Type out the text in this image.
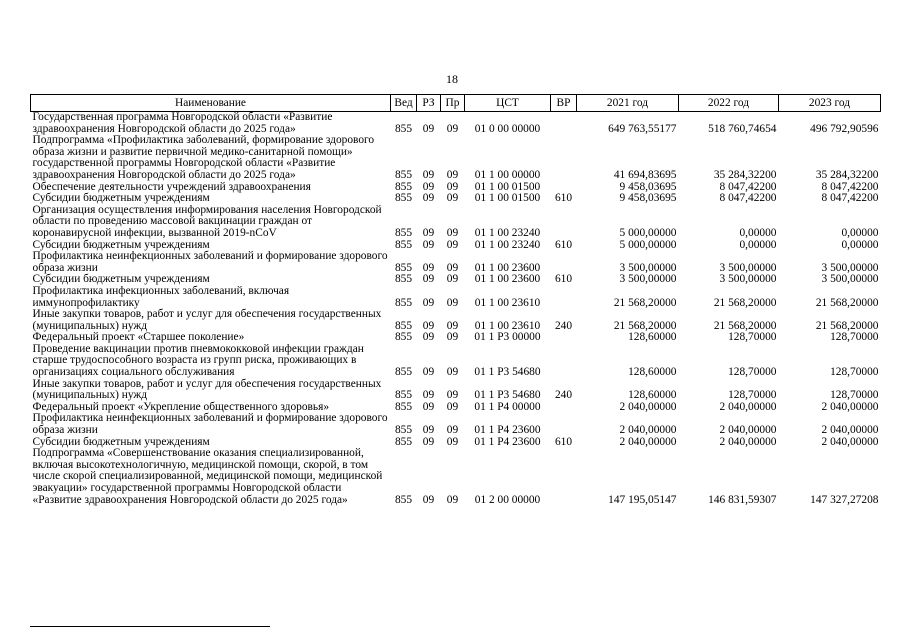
18
Наименование	Вед	РЗ	Пр	ЦСТ	ВР	2021 год	2022 год	2023 год
Государственная программа Новгородской области «Развитие здравоохранения Новгородской области до 2025 года»	855	09	09	01 0 00 00000		649 763,55177	518 760,74654	496 792,90596
Подпрограмма «Профилактика заболеваний, формирование здорового образа жизни и развитие первичной медико-санитарной помощи» государственной программы Новгородской области «Развитие здравоохранения Новгородской области до 2025 года»	855	09	09	01 1 00 00000		41 694,83695	35 284,32200	35 284,32200
Обеспечение деятельности учреждений здравоохранения	855	09	09	01 1 00 01500		9 458,03695	8 047,42200	8 047,42200
Субсидии бюджетным учреждениям	855	09	09	01 1 00 01500	610	9 458,03695	8 047,42200	8 047,42200
Организация осуществления информирования населения Новгородской области по проведению массовой вакцинации граждан от коронавирусной инфекции, вызванной 2019-nCoV	855	09	09	01 1 00 23240		5 000,00000	0,00000	0,00000
Субсидии бюджетным учреждениям	855	09	09	01 1 00 23240	610	5 000,00000	0,00000	0,00000
Профилактика неинфекционных заболеваний и формирование здорового образа жизни	855	09	09	01 1 00 23600		3 500,00000	3 500,00000	3 500,00000
Субсидии бюджетным учреждениям	855	09	09	01 1 00 23600	610	3 500,00000	3 500,00000	3 500,00000
Профилактика инфекционных заболеваний, включая иммунопрофилактику	855	09	09	01 1 00 23610		21 568,20000	21 568,20000	21 568,20000
Иные закупки товаров, работ и услуг для обеспечения государственных (муниципальных) нужд	855	09	09	01 1 00 23610	240	21 568,20000	21 568,20000	21 568,20000
Федеральный проект «Старшее поколение»	855	09	09	01 1 P3 00000		128,60000	128,70000	128,70000
Проведение вакцинации против пневмококковой инфекции граждан старше трудоспособного возраста из групп риска, проживающих в организациях социального обслуживания	855	09	09	01 1 P3 54680		128,60000	128,70000	128,70000
Иные закупки товаров, работ и услуг для обеспечения государственных (муниципальных) нужд	855	09	09	01 1 P3 54680	240	128,60000	128,70000	128,70000
Федеральный проект «Укрепление общественного здоровья»	855	09	09	01 1 P4 00000		2 040,00000	2 040,00000	2 040,00000
Профилактика неинфекционных заболеваний и формирование здорового образа жизни	855	09	09	01 1 P4 23600		2 040,00000	2 040,00000	2 040,00000
Субсидии бюджетным учреждениям	855	09	09	01 1 P4 23600	610	2 040,00000	2 040,00000	2 040,00000
Подпрограмма «Совершенствование оказания специализированной, включая высокотехнологичную, медицинской помощи, скорой, в том числе скорой специализированной, медицинской помощи, медицинской эвакуации» государственной программы Новгородской области «Развитие здравоохранения Новгородской области до 2025 года»	855	09	09	01 2 00 00000		147 195,05147	146 831,59307	147 327,27208
